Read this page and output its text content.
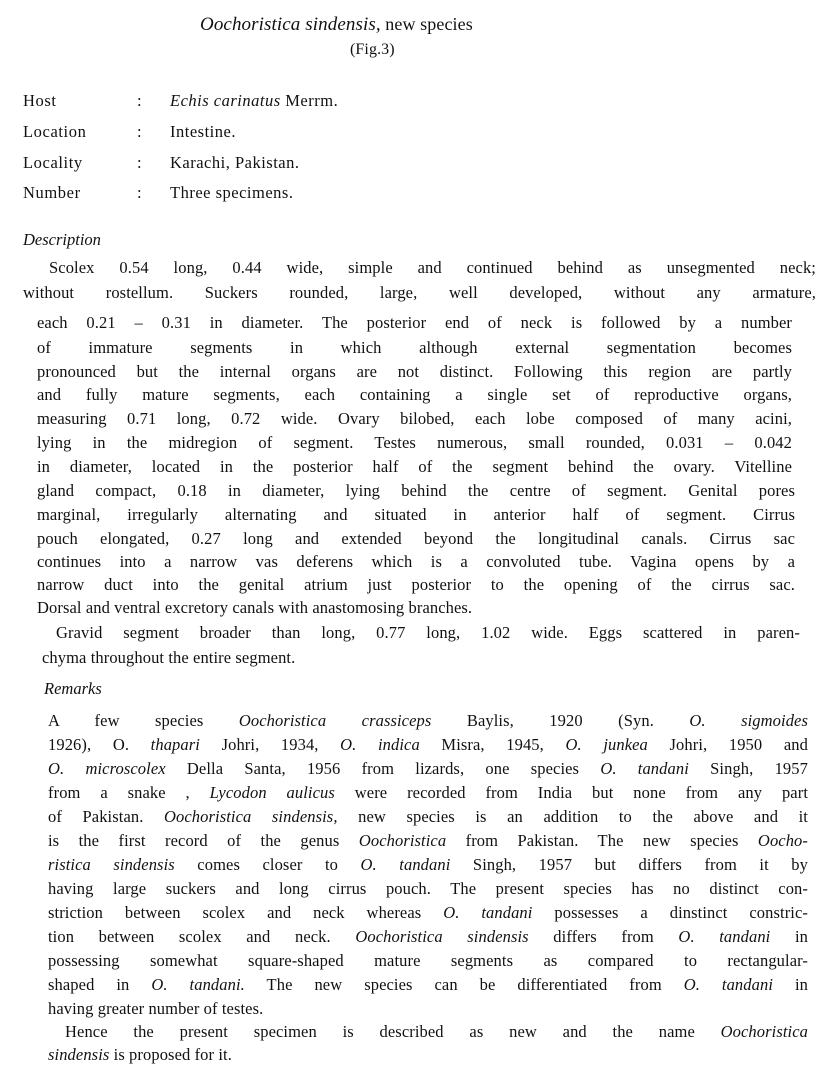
Oochoristica sindensis, new species
(Fig.3)
Host	: Echis carinatus Merrm.
Location	: Intestine.
Locality	: Karachi, Pakistan.
Number	: Three specimens.
Description
Scolex 0.54 long, 0.44 wide, simple and continued behind as unsegmented neck;
without rostellum. Suckers rounded, large, well developed, without any armature,
each 0.21 – 0.31 in diameter. The posterior end of neck is followed by a number
of immature segments in which although external segmentation becomes
pronounced but the internal organs are not distinct. Following this region are partly
and fully mature segments, each containing a single set of reproductive organs,
measuring 0.71 long, 0.72 wide. Ovary bilobed, each lobe composed of many acini,
lying in the midregion of segment. Testes numerous, small rounded, 0.031 – 0.042
in diameter, located in the posterior half of the segment behind the ovary. Vitelline
gland compact, 0.18 in diameter, lying behind the centre of segment. Genital pores
marginal, irregularly alternating and situated in anterior half of segment. Cirrus
pouch elongated, 0.27 long and extended beyond the longitudinal canals. Cirrus sac
continues into a narrow vas deferens which is a convoluted tube. Vagina opens by a
narrow duct into the genital atrium just posterior to the opening of the cirrus sac.
Dorsal and ventral excretory canals with anastomosing branches.
Gravid segment broader than long, 0.77 long, 1.02 wide. Eggs scattered in paren-
chyma throughout the entire segment.
Remarks
A few species Oochoristica crassiceps Baylis, 1920 (Syn. O. sigmoides
1926), O. thapari Johri, 1934, O. indica Misra, 1945, O. junkea Johri, 1950 and
O. microscolex Della Santa, 1956 from lizards, one species O. tandani Singh, 1957
from a snake , Lycodon aulicus were recorded from India but none from any part
of Pakistan. Oochoristica sindensis, new species is an addition to the above and it
is the first record of the genus Oochoristica from Pakistan. The new species Oocho-
ristica sindensis comes closer to O. tandani Singh, 1957 but differs from it by
having large suckers and long cirrus pouch. The present species has no distinct con-
striction between scolex and neck whereas O. tandani possesses a dinstinct constric-
tion between scolex and neck. Oochoristica sindensis differs from O. tandani in
possessing somewhat square-shaped mature segments as compared to rectangular-
shaped in O. tandani. The new species can be differentiated from O. tandani in
having greater number of testes.
Hence the present specimen is described as new and the name Oochoristica
sindensis is proposed for it.
